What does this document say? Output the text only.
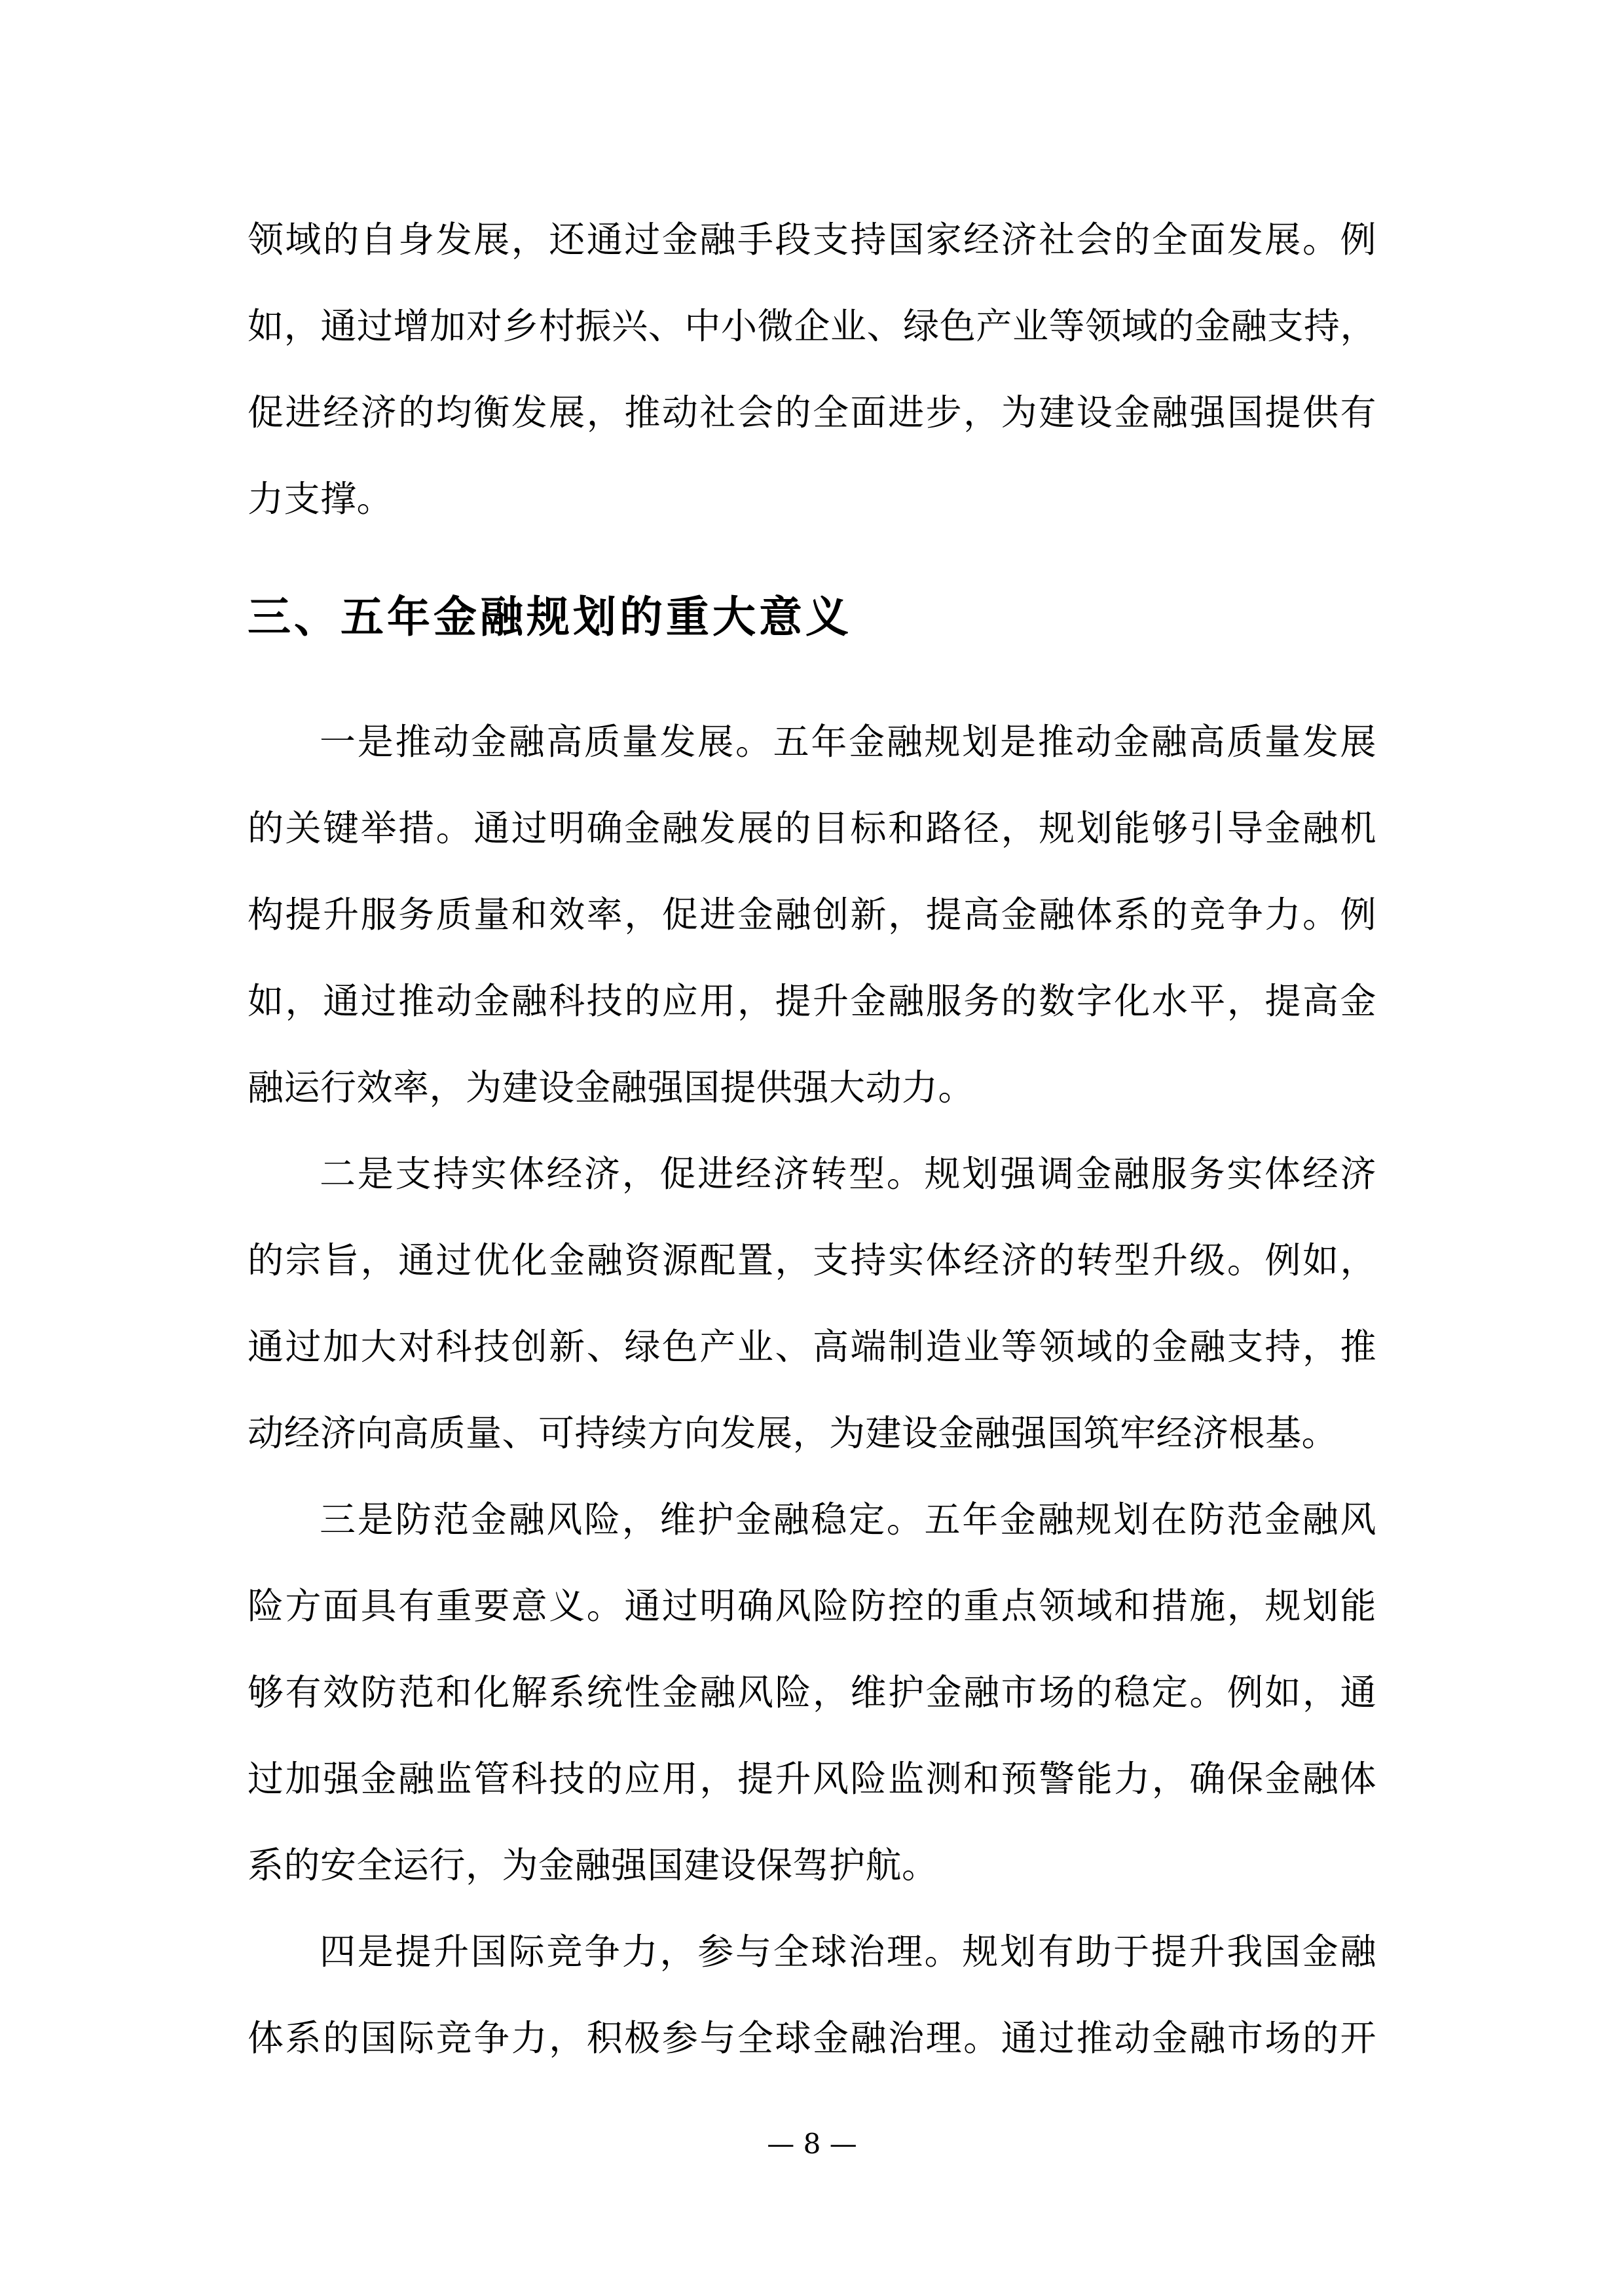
领域的自身发展，还通过金融手段支持国家经济社会的全面发展。例
如，通过增加对乡村振兴、中小微企业、绿色产业等领域的金融支持，
促进经济的均衡发展，推动社会的全面进步，为建设金融强国提供有
力支撑。
三、五年金融规划的重大意义
一是推动金融高质量发展。五年金融规划是推动金融高质量发展
的关键举措。通过明确金融发展的目标和路径，规划能够引导金融机
构提升服务质量和效率，促进金融创新，提高金融体系的竞争力。例
如，通过推动金融科技的应用，提升金融服务的数字化水平，提高金
融运行效率，为建设金融强国提供强大动力。
二是支持实体经济，促进经济转型。规划强调金融服务实体经济
的宗旨，通过优化金融资源配置，支持实体经济的转型升级。例如，
通过加大对科技创新、绿色产业、高端制造业等领域的金融支持，推
动经济向高质量、可持续方向发展，为建设金融强国筑牢经济根基。
三是防范金融风险，维护金融稳定。五年金融规划在防范金融风
险方面具有重要意义。通过明确风险防控的重点领域和措施，规划能
够有效防范和化解系统性金融风险，维护金融市场的稳定。例如，通
过加强金融监管科技的应用，提升风险监测和预警能力，确保金融体
系的安全运行，为金融强国建设保驾护航。
四是提升国际竞争力，参与全球治理。规划有助于提升我国金融
体系的国际竞争力，积极参与全球金融治理。通过推动金融市场的开
— 8 —
